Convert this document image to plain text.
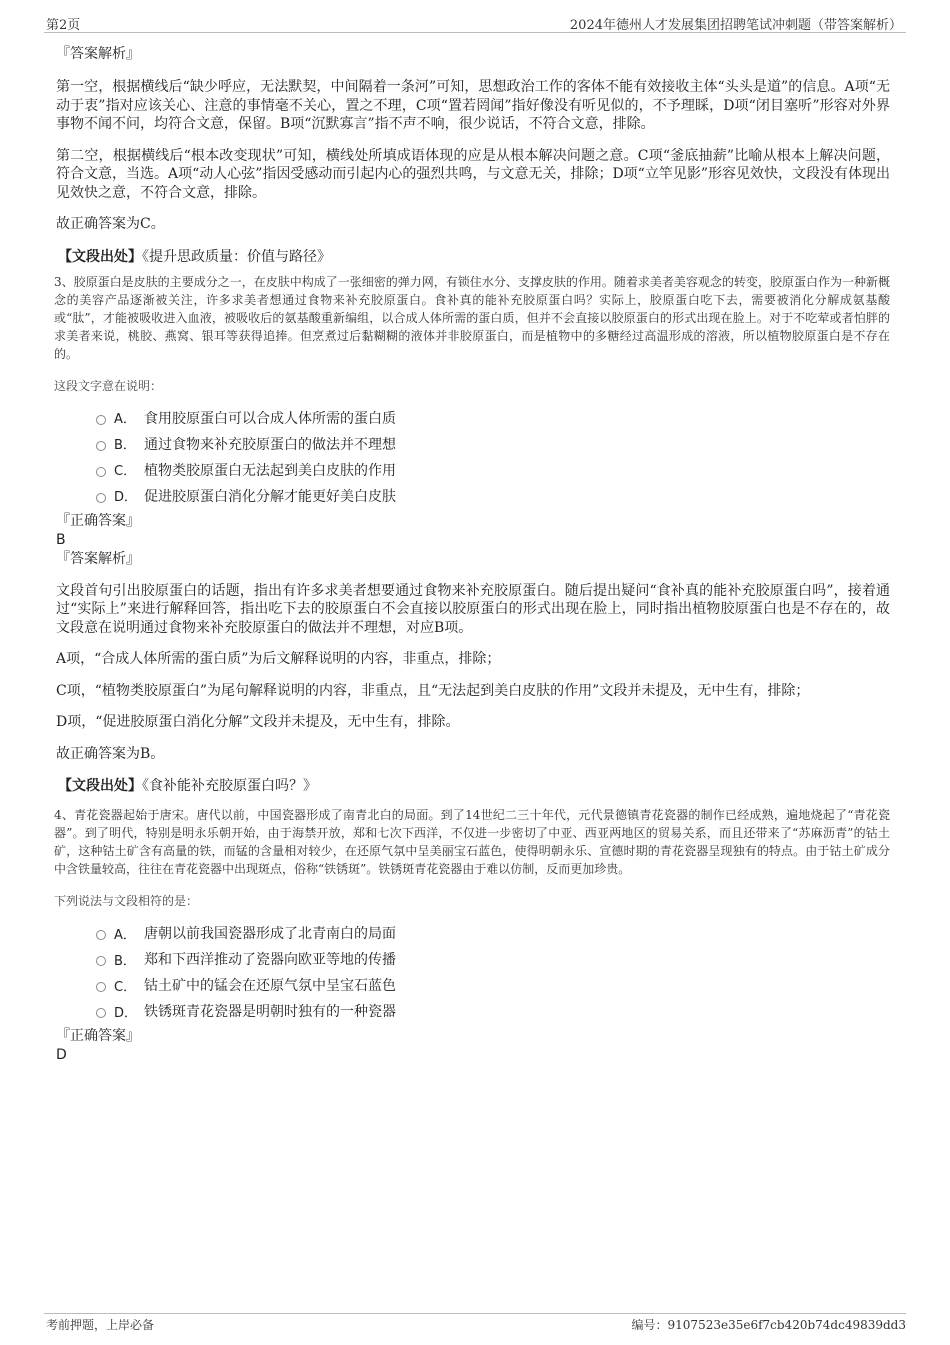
第2页	2024年德州人才发展集团招聘笔试冲刺题（带答案解析）

『答案解析』

第一空，根据横线后“缺少呼应，无法默契，中间隔着一条河”可知，思想政治工作的客体不能有效接收主体“头头是道”的信息。A项“无动于衷”指对应该关心、注意的事情毫不关心，置之不理，C项“置若罔闻”指好像没有听见似的，不予理睬，D项“闭目塞听”形容对外界事物不闻不问，均符合文意，保留。B项“沉默寡言”指不声不响，很少说话，不符合文意，排除。

第二空，根据横线后“根本改变现状”可知，横线处所填成语体现的应是从根本解决问题之意。C项“釜底抽薪”比喻从根本上解决问题，符合文意，当选。A项“动人心弦”指因受感动而引起内心的强烈共鸣，与文意无关，排除；D项“立竿见影”形容见效快，文段没有体现出见效快之意，不符合文意，排除。

故正确答案为C。

【文段出处】《提升思政质量：价值与路径》

3、胶原蛋白是皮肤的主要成分之一，在皮肤中构成了一张细密的弹力网，有锁住水分、支撑皮肤的作用。随着求美者美容观念的转变，胶原蛋白作为一种新概念的美容产品逐渐被关注，许多求美者想通过食物来补充胶原蛋白。食补真的能补充胶原蛋白吗？实际上，胶原蛋白吃下去，需要被消化分解成氨基酸或“肽”，才能被吸收进入血液，被吸收后的氨基酸重新编组，以合成人体所需的蛋白质，但并不会直接以胶原蛋白的形式出现在脸上。对于不吃荤或者怕胖的求美者来说，桃胶、燕窝、银耳等获得追捧。但烹煮过后黏糊糊的液体并非胶原蛋白，而是植物中的多糖经过高温形成的溶液，所以植物胶原蛋白是不存在的。

这段文字意在说明：

A． 食用胶原蛋白可以合成人体所需的蛋白质
B． 通过食物来补充胶原蛋白的做法并不理想
C． 植物类胶原蛋白无法起到美白皮肤的作用
D． 促进胶原蛋白消化分解才能更好美白皮肤

『正确答案』

B

『答案解析』

文段首句引出胶原蛋白的话题，指出有许多求美者想要通过食物来补充胶原蛋白。随后提出疑问“食补真的能补充胶原蛋白吗”，接着通过“实际上”来进行解释回答，指出吃下去的胶原蛋白不会直接以胶原蛋白的形式出现在脸上，同时指出植物胶原蛋白也是不存在的，故文段意在说明通过食物来补充胶原蛋白的做法并不理想，对应B项。

A项，“合成人体所需的蛋白质”为后文解释说明的内容，非重点，排除；

C项，“植物类胶原蛋白”为尾句解释说明的内容，非重点，且“无法起到美白皮肤的作用”文段并未提及，无中生有，排除；

D项，“促进胶原蛋白消化分解”文段并未提及，无中生有，排除。

故正确答案为B。

【文段出处】《食补能补充胶原蛋白吗？》

4、青花瓷器起始于唐宋。唐代以前，中国瓷器形成了南青北白的局面。到了14世纪二三十年代，元代景德镇青花瓷器的制作已经成熟，遍地烧起了“青花瓷器”。到了明代，特别是明永乐朝开始，由于海禁开放，郑和七次下西洋，不仅进一步密切了中亚、西亚两地区的贸易关系，而且还带来了“苏麻沥青”的钴土矿，这种钴土矿含有高量的铁，而锰的含量相对较少，在还原气氛中呈美丽宝石蓝色，使得明朝永乐、宣德时期的青花瓷器呈现独有的特点。由于钴土矿成分中含铁量较高，往往在青花瓷器中出现斑点，俗称“铁锈斑”。铁锈斑青花瓷器由于难以仿制，反而更加珍贵。

下列说法与文段相符的是：

A． 唐朝以前我国瓷器形成了北青南白的局面
B． 郑和下西洋推动了瓷器向欧亚等地的传播
C． 钴土矿中的锰会在还原气氛中呈宝石蓝色
D． 铁锈斑青花瓷器是明朝时独有的一种瓷器

『正确答案』

D

考前押题，上岸必备	编号：9107523e35e6f7cb420b74dc49839dd3
